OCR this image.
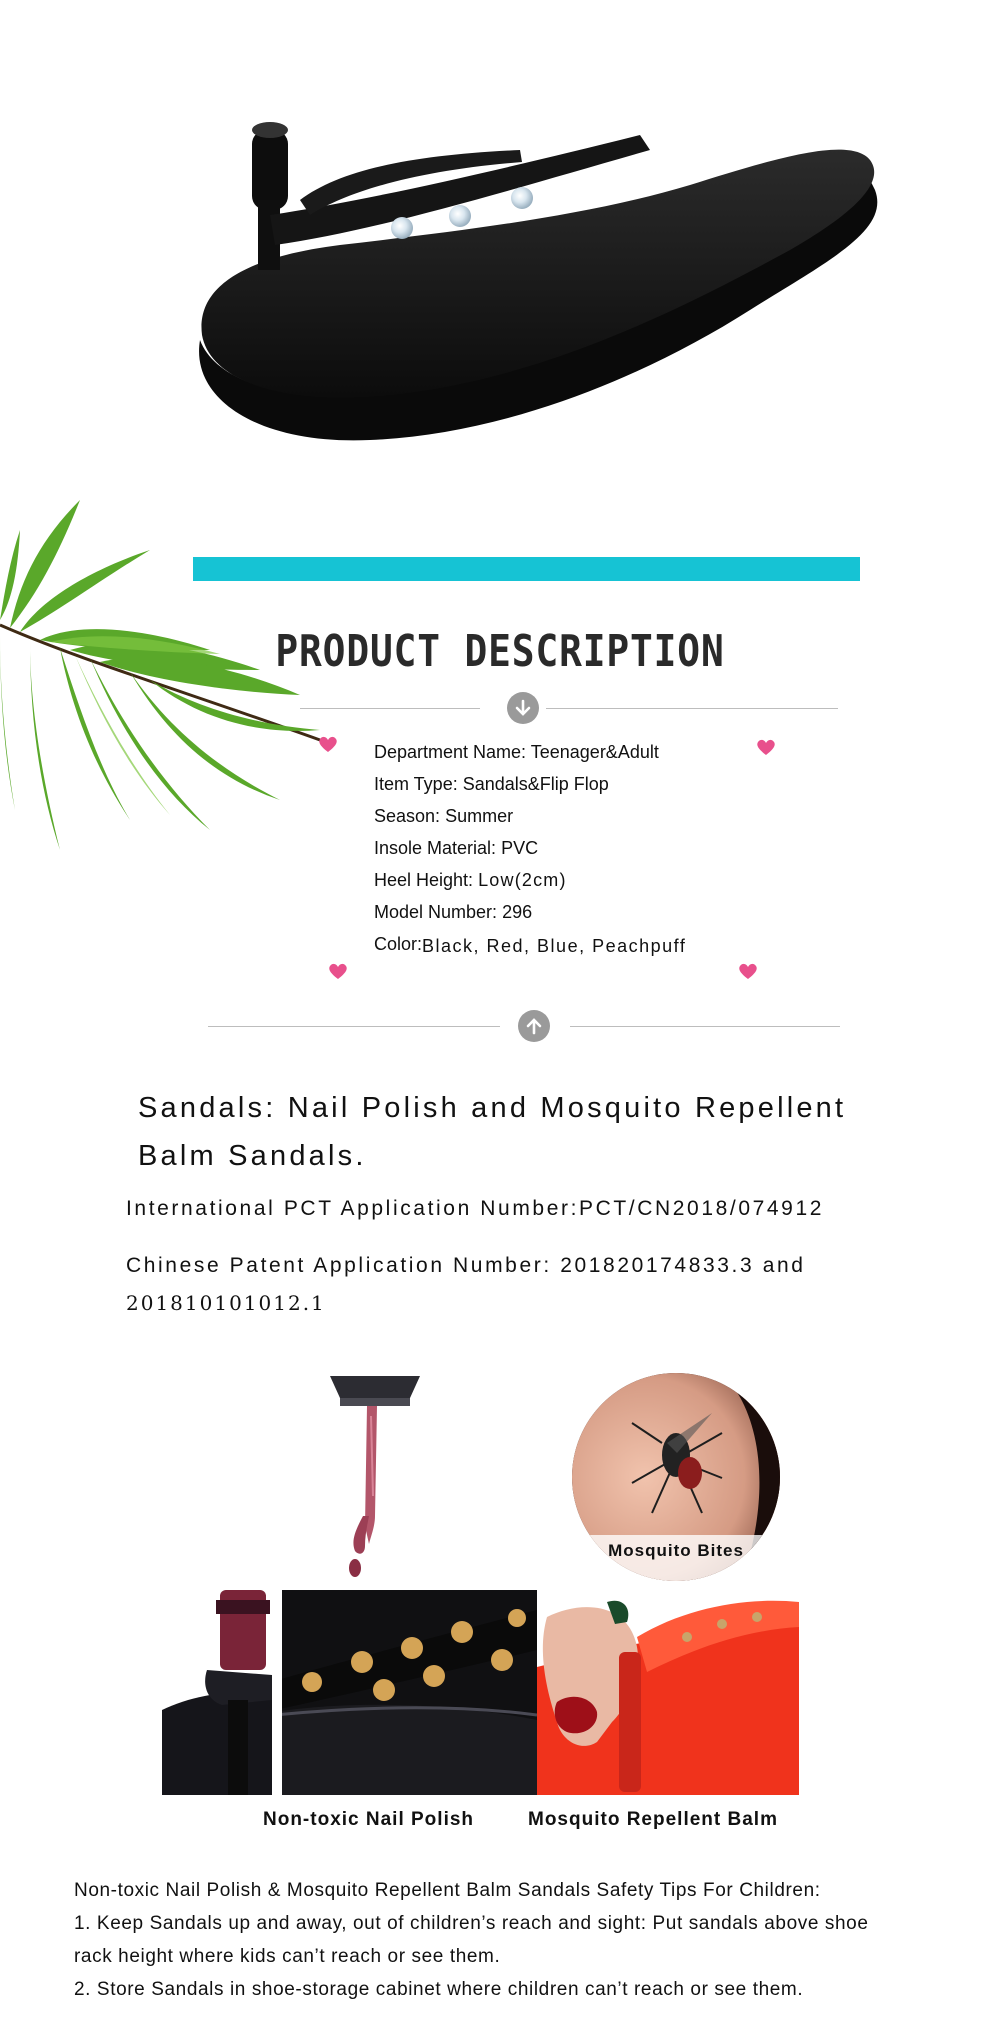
PRODUCT DESCRIPTION
Department Name: Teenager&Adult
Item Type: Sandals&Flip Flop
Season: Summer
Insole Material: PVC
Heel Height: Low(2cm)
Model Number: 296
Color:Black, Red, Blue, Peachpuff
Sandals: Nail Polish and Mosquito Repellent
Balm Sandals.
International PCT Application Number:PCT/CN2018/074912
Chinese Patent Application Number: 201820174833.3 and
201810101012.1
Mosquito Bites
Non-toxic Nail Polish	Mosquito Repellent Balm
Non-toxic Nail Polish & Mosquito Repellent Balm Sandals Safety Tips For Children:
1. Keep Sandals up and away, out of children’s reach and sight: Put sandals above shoe
rack height where kids can’t reach or see them.
2. Store Sandals in shoe-storage cabinet where children can’t reach or see them.
